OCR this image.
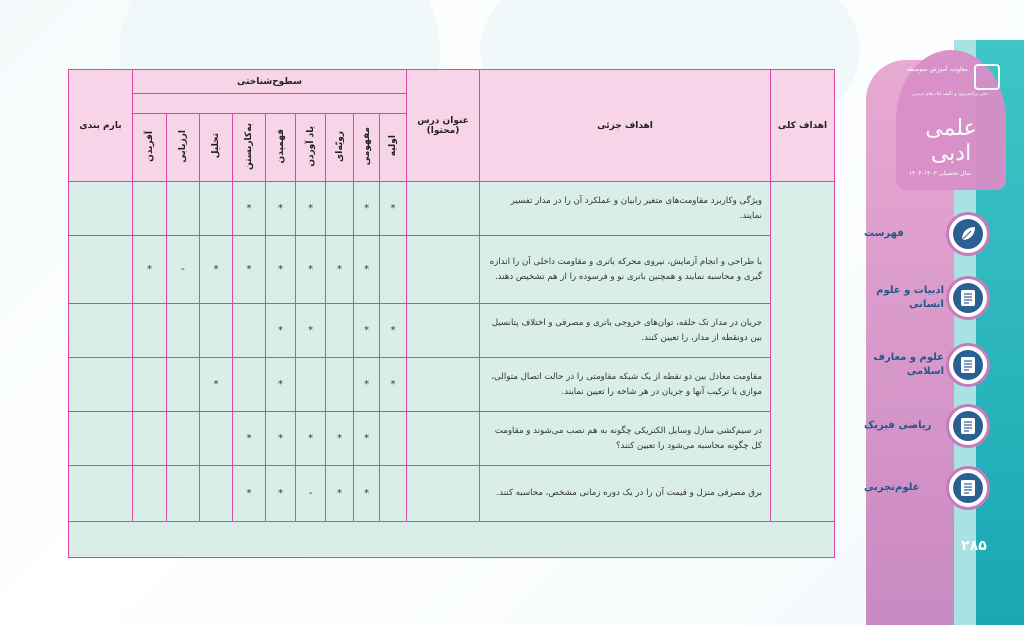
بارم بندی	سطوح‌شناختی									عنوان درس (محتوا)	اهداف جزئی	اهداف کلی

	آفریدن	ارزیابی	تحلیل	به‌کاربستن	فهمیدن	یاد آوردن	رویّه‌ای	مفهومی	اولیه			
				*	*	*		*	*		ویژگی وکاربرد مقاومت‌های متغیر رابیان و عملکرد آن را در مدار تفسیر نمایند.	
	*	-	*	*	*	*	*	*			با طراحی و انجام آزمایش، نیروی محرکه باتری و مقاومت داخلی آن را اندازه گیری و محاسبه نمایند و همچنین باتری نو و فرسوده را از هم تشخیص دهند.	
					*	*		*	*		جریان در مدار تک حلقه، توان‌های خروجی باتری و مصرفی و اختلاف پتانسیل بین دونقطه از مدار، را تعیین کنند.	
			*		*			*	*		مقاومت معادل بین دو نقطه از یک شبکه مقاومتی را در حالت اتصال متوالی، موازی یا ترکیب آنها و جریان در هر شاخه را تعیین نمایند.	
				*	*	*	*	*			در سیم‌کشی منازل وسایل الکتریکی چگونه به هم نصب می‌شوند و مقاومت کل چگونه محاسبه می‌شود را تعیین کنند؟	
				*	*	-	*	*			برق مصرفی منزل و قیمت آن را در یک دوره زمانی مشخص، محاسبه کنند.	

معاونت آموزش متوسطه
دفتر برنامه‌ریزی و تألیف کتاب‌های درسی
علمی ادبی
سال تحصیلی ۱۴۰۳-۱۴۰۴
فهرست
ادبیات و علوم انسانی
علوم و معارف اسلامی
ریاضی فیزیک
علوم‌تجربی
۲۸۵
